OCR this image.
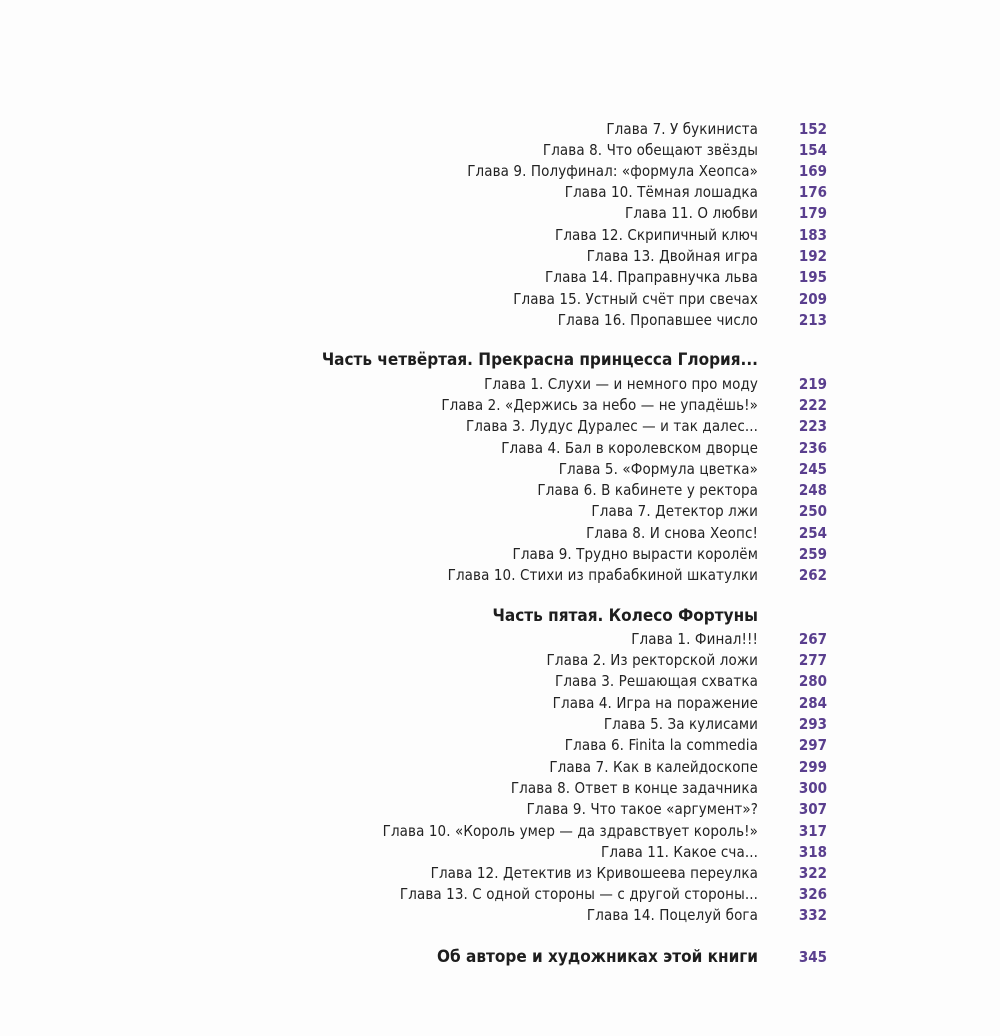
Глава 7. У букиниста	152
Глава 8. Что обещают звёзды	154
Глава 9. Полуфинал: «формула Хеопса»	169
Глава 10. Тёмная лошадка	176
Глава 11. О любви	179
Глава 12. Скрипичный ключ	183
Глава 13. Двойная игра	192
Глава 14. Праправнучка льва	195
Глава 15. Устный счёт при свечах	209
Глава 16. Пропавшее число	213
Часть четвёртая. Прекрасна принцесса Глория...
Глава 1. Слухи — и немного про моду	219
Глава 2. «Держись за небо — не упадёшь!»	222
Глава 3. Лудус Дуралес — и так далес...	223
Глава 4. Бал в королевском дворце	236
Глава 5. «Формула цветка»	245
Глава 6. В кабинете у ректора	248
Глава 7. Детектор лжи	250
Глава 8. И снова Хеопс!	254
Глава 9. Трудно вырасти королём	259
Глава 10. Стихи из прабабкиной шкатулки	262
Часть пятая. Колесо Фортуны
Глава 1. Финал!!!	267
Глава 2. Из ректорской ложи	277
Глава 3. Решающая схватка	280
Глава 4. Игра на поражение	284
Глава 5. За кулисами	293
Глава 6. Finita la commedia	297
Глава 7. Как в калейдоскопе	299
Глава 8. Ответ в конце задачника	300
Глава 9. Что такое «аргумент»?	307
Глава 10. «Король умер — да здравствует король!»	317
Глава 11. Какое сча...	318
Глава 12. Детектив из Кривошеева переулка	322
Глава 13. С одной стороны — с другой стороны...	326
Глава 14. Поцелуй бога	332
Об авторе и художниках этой книги	345
